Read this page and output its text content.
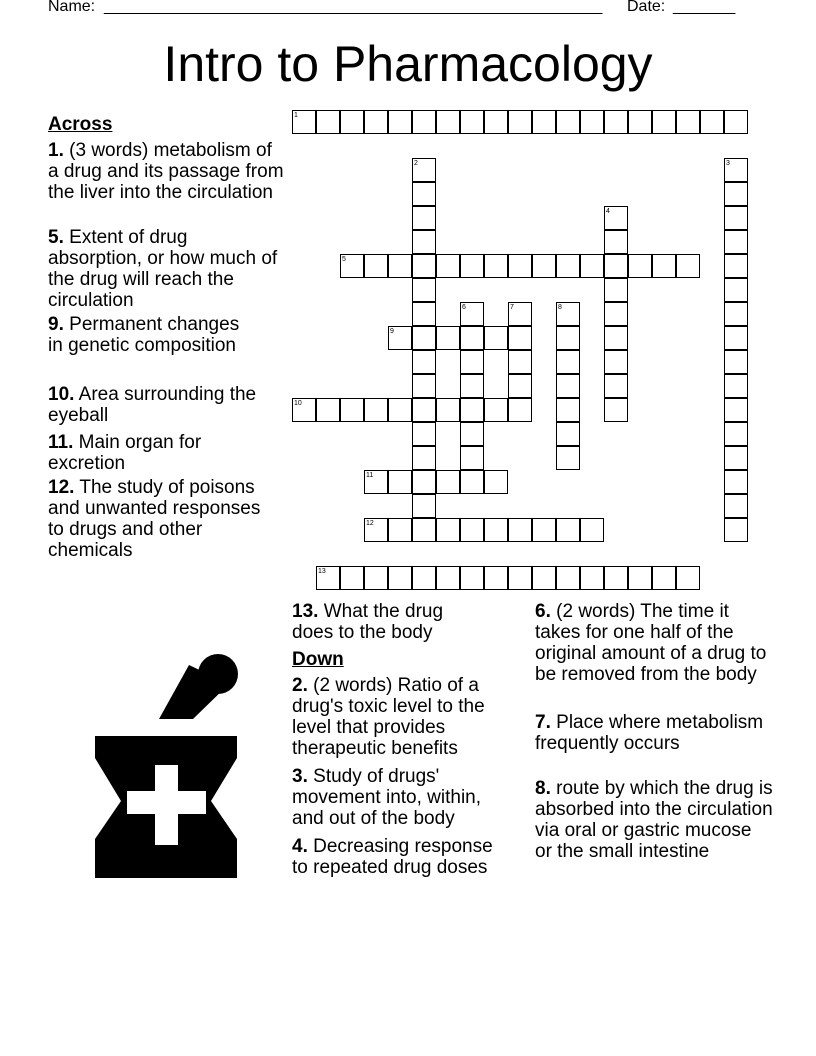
Name: ________________________________________________________ Date: _______
Intro to Pharmacology
1
2	3
4
5
6	7	8
9
10
11
12
13
Across
1. (3 words) metabolism of a drug and its passage from the liver into the circulation
5. Extent of drug absorption, or how much of the drug will reach the circulation
9. Permanent changes in genetic composition
10. Area surrounding the eyeball
11. Main organ for excretion
12. The study of poisons and unwanted responses to drugs and other chemicals
13. What the drug does to the body
Down
2. (2 words) Ratio of a drug's toxic level to the level that provides therapeutic benefits
3. Study of drugs' movement into, within, and out of the body
4. Decreasing response to repeated drug doses
6. (2 words) The time it takes for one half of the original amount of a drug to be removed from the body
7. Place where metabolism frequently occurs
8. route by which the drug is absorbed into the circulation via oral or gastric mucose or the small intestine
